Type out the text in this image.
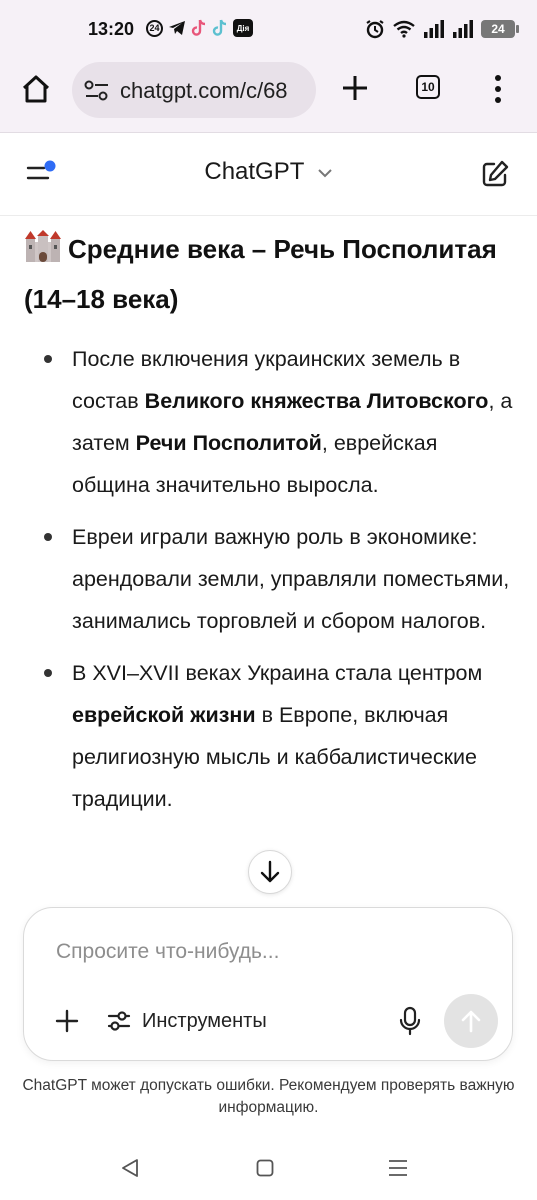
13:20	24	Дія	24
chatgpt.com/c/68	10
ChatGPT
Средние века – Речь Посполитая (14–18 века)
После включения украинских земель в состав Великого княжества Литовского, а затем Речи Посполитой, еврейская община значительно выросла.
Евреи играли важную роль в экономике: арендовали земли, управляли поместьями, занимались торговлей и сбором налогов.
В XVI–XVII веках Украина стала центром еврейской жизни в Европе, включая религиозную мысль и каббалистические традиции.
Спросите что-нибудь...
Инструменты
ChatGPT может допускать ошибки. Рекомендуем проверять важную информацию.
